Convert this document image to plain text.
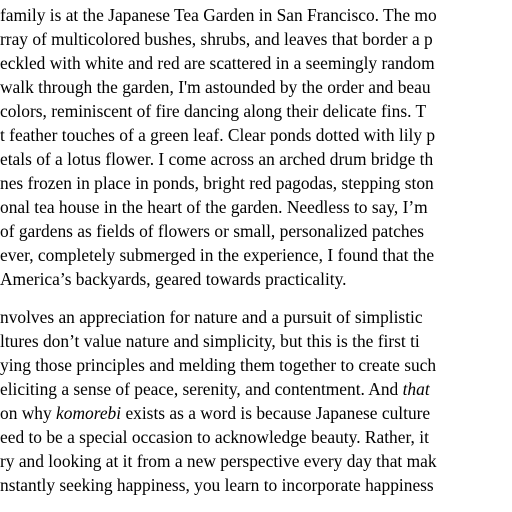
family is at the Japanese Tea Garden in San Francisco. The mo
rray of multicolored bushes, shrubs, and leaves that border a p
eckled with white and red are scattered in a seemingly random
walk through the garden, I'm astounded by the order and beau
colors, reminiscent of fire dancing along their delicate fins. T
t feather touches of a green leaf. Clear ponds dotted with lily p
etals of a lotus flower. I come across an arched drum bridge th
nes frozen in place in ponds, bright red pagodas, stepping ston
onal tea house in the heart of the garden. Needless to say, I’m
of gardens as fields of flowers or small, personalized patches
ever, completely submerged in the experience, I found that the
America’s backyards, geared towards practicality.
nvolves an appreciation for nature and a pursuit of simplistic
ltures don’t value nature and simplicity, but this is the first ti
ying those principles and melding them together to create such
eliciting a sense of peace, serenity, and contentment. And that
on why komorebi exists as a word is because Japanese culture
eed to be a special occasion to acknowledge beauty. Rather, it
ry and looking at it from a new perspective every day that mak
nstantly seeking happiness, you learn to incorporate happiness
